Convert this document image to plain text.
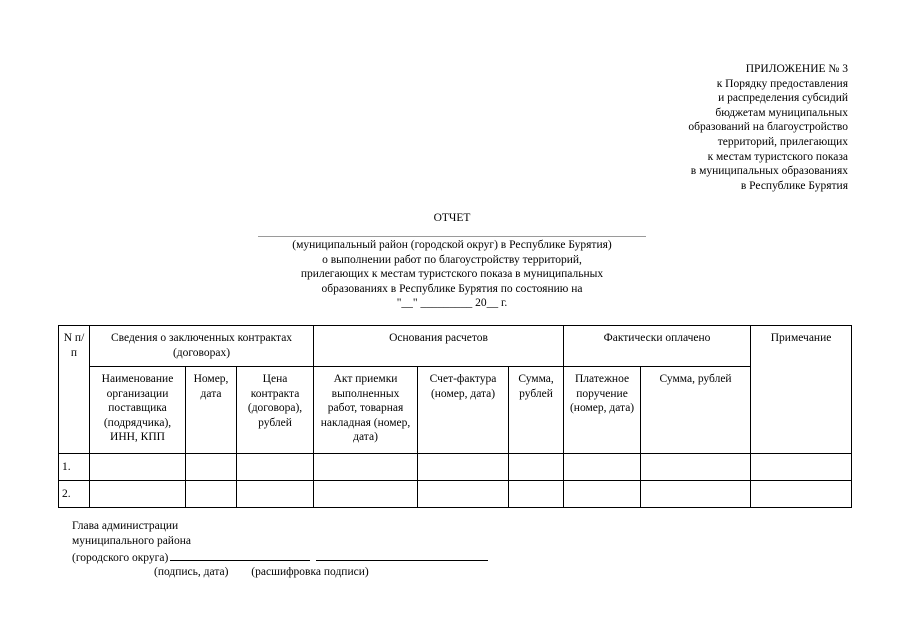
ПРИЛОЖЕНИЕ № 3
к Порядку предоставления
и распределения субсидий
бюджетам муниципальных
образований на благоустройство
территорий, прилегающих
к местам туристского показа
в муниципальных образованиях
в Республике Бурятия
ОТЧЕТ
(муниципальный район (городской округ) в Республике Бурятия)
о выполнении работ по благоустройству территорий,
прилегающих к местам туристского показа в муниципальных
образованиях в Республике Бурятия по состоянию на
"__" _________ 20__ г.
N п/п	Сведения о заключенных контрактах (договорах)			Основания расчетов			Фактически оплачено		Примечание
	Наименование организации поставщика (подрядчика), ИНН, КПП	Номер, дата	Цена контракта (договора), рублей	Акт приемки выполненных работ, товарная накладная (номер, дата)	Счет-фактура (номер, дата)	Сумма, рублей	Платежное поручение (номер, дата)	Сумма, рублей	
1.									
2.									
Глава администрации
муниципального района
(городского округа)
(подпись, дата) (расшифровка подписи)
